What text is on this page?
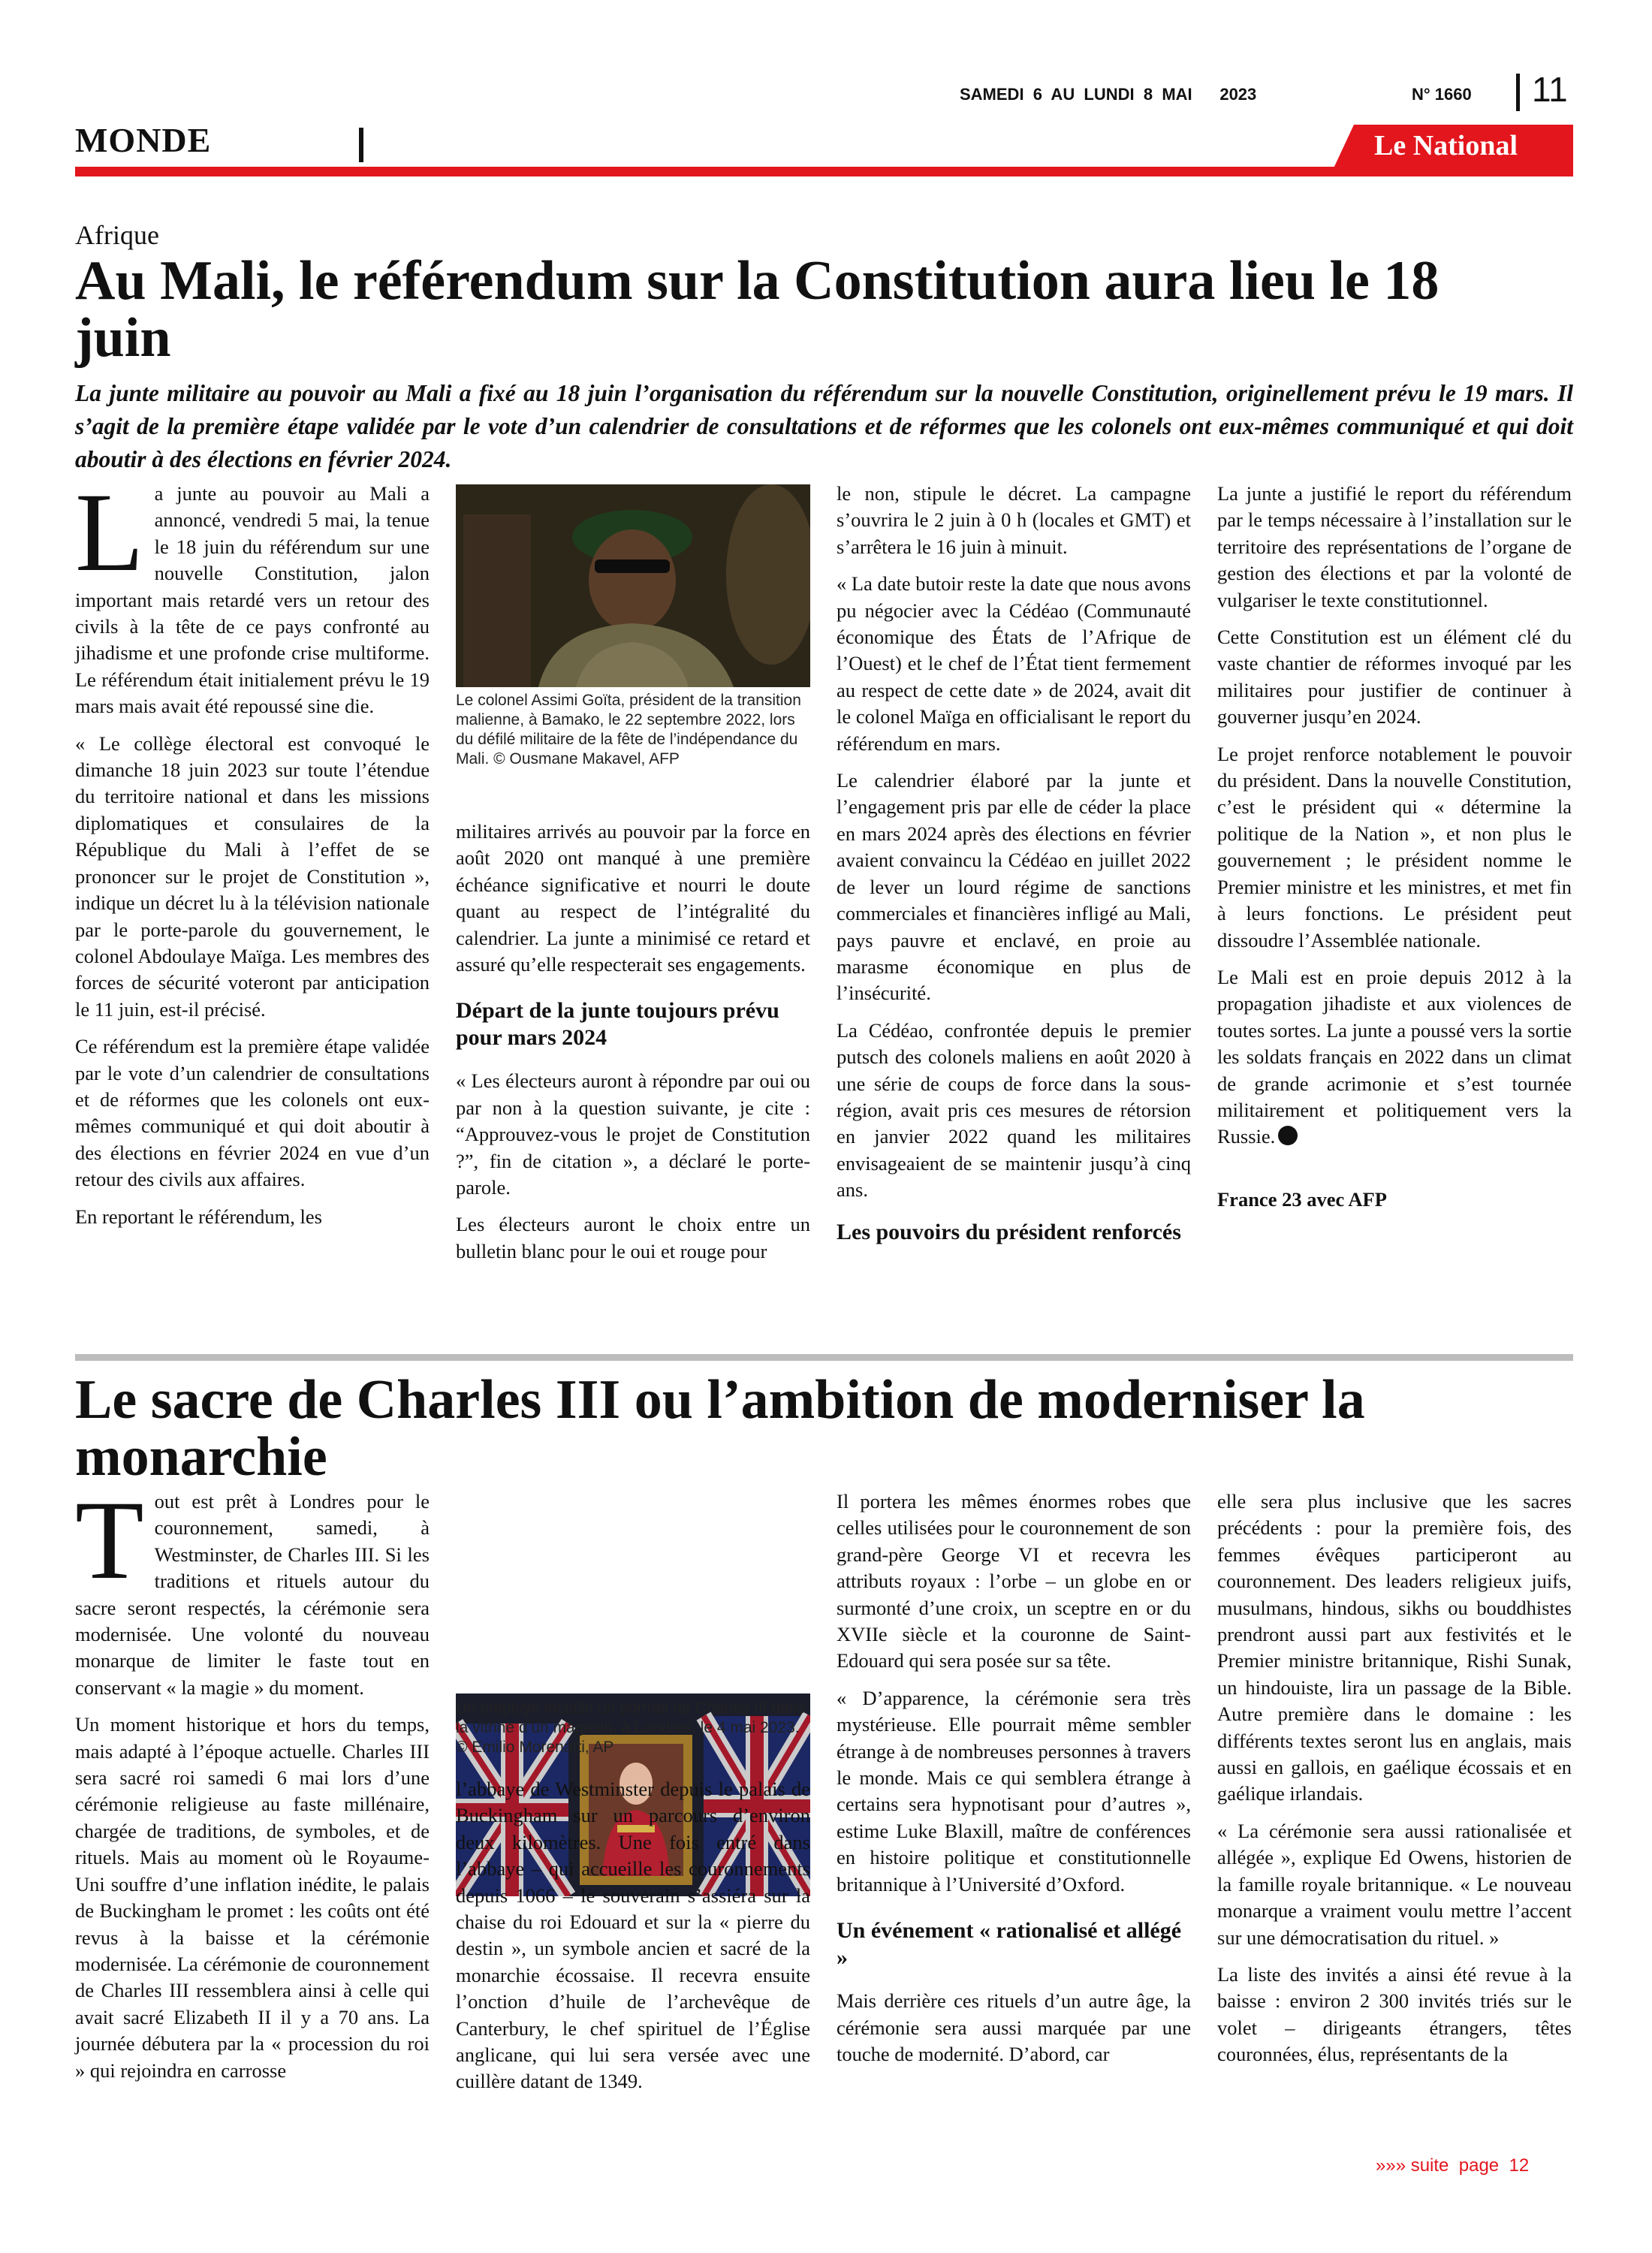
SAMEDI  6  AU  LUNDI  8  MAI      2023	N° 1660 11
MONDE	Le National
Afrique
Au Mali, le référendum sur la Constitution aura lieu le 18 juin
La junte militaire au pouvoir au Mali a fixé au 18 juin l’organisation du référendum sur la nouvelle Constitution, originellement prévu le 19 mars. Il s’agit de la première étape validée par le vote d’un calendrier de consultations et de réformes que les colonels ont eux-mêmes communiqué et qui doit aboutir à des élections en février 2024.

La junte au pouvoir au Mali a annoncé, vendredi 5 mai, la tenue le 18 juin du référendum sur une nouvelle Constitution, jalon important mais retardé vers un retour des civils à la tête de ce pays confronté au jihadisme et une profonde crise multiforme. Le référendum était initialement prévu le 19 mars mais avait été repoussé sine die.

« Le collège électoral est convoqué le dimanche 18 juin 2023 sur toute l’étendue du territoire national et dans les missions diplomatiques et consulaires de la République du Mali à l’effet de se prononcer sur le projet de Constitution », indique un décret lu à la télévision nationale par le porte-parole du gouvernement, le colonel Abdoulaye Maïga. Les membres des forces de sécurité voteront par anticipation le 11 juin, est-il précisé.

Ce référendum est la première étape validée par le vote d’un calendrier de consultations et de réformes que les colonels ont eux-mêmes communiqué et qui doit aboutir à des élections en février 2024 en vue d’un retour des civils aux affaires.

En reportant le référendum, les

Le colonel Assimi Goïta, président de la transition malienne, à Bamako, le 22 septembre 2022, lors du défilé militaire de la fête de l’indépendance du Mali. © Ousmane Makavel, AFP

militaires arrivés au pouvoir par la force en août 2020 ont manqué à une première échéance significative et nourri le doute quant au respect de l’intégralité du calendrier. La junte a minimisé ce retard et assuré qu’elle respecterait ses engagements.

Départ de la junte toujours prévu pour mars 2024

« Les électeurs auront à répondre par oui ou par non à la question suivante, je cite : “Approuvez-vous le projet de Constitution ?”, fin de citation », a déclaré le porte-parole.

Les électeurs auront le choix entre un bulletin blanc pour le oui et rouge pour

le non, stipule le décret. La campagne s’ouvrira le 2 juin à 0 h (locales et GMT) et s’arrêtera le 16 juin à minuit.

« La date butoir reste la date que nous avons pu négocier avec la Cédéao (Communauté économique des États de l’Afrique de l’Ouest) et le chef de l’État tient fermement au respect de cette date » de 2024, avait dit le colonel Maïga en officialisant le report du référendum en mars.

Le calendrier élaboré par la junte et l’engagement pris par elle de céder la place en mars 2024 après des élections en février avaient convaincu la Cédéao en juillet 2022 de lever un lourd régime de sanctions commerciales et financières infligé au Mali, pays pauvre et enclavé, en proie au marasme économique en plus de l’insécurité.

La Cédéao, confrontée depuis le premier putsch des colonels maliens en août 2020 à une série de coups de force dans la sous-région, avait pris ces mesures de rétorsion en janvier 2022 quand les militaires envisageaient de se maintenir jusqu’à cinq ans.

Les pouvoirs du président renforcés

La junte a justifié le report du référendum par le temps nécessaire à l’installation sur le territoire des représentations de l’organe de gestion des élections et par la volonté de vulgariser le texte constitutionnel.

Cette Constitution est un élément clé du vaste chantier de réformes invoqué par les militaires pour justifier de continuer à gouverner jusqu’en 2024.

Le projet renforce notablement le pouvoir du président. Dans la nouvelle Constitution, c’est le président qui « détermine la politique de la Nation », et non plus le gouvernement ; le président nomme le Premier ministre et les ministres, et met fin à leurs fonctions. Le président peut dissoudre l’Assemblée nationale.

Le Mali est en proie depuis 2012 à la propagation jihadiste et aux violences de toutes sortes. La junte a poussé vers la sortie les soldats français en 2022 dans un climat de grande acrimonie et s’est tournée militairement et politiquement vers la Russie.

France 23 avec AFP
Le sacre de Charles III ou l’ambition de moderniser la monarchie

Tout est prêt à Londres pour le couronnement, samedi, à Westminster, de Charles III. Si les traditions et rituels autour du sacre seront respectés, la cérémonie sera modernisée. Une volonté du nouveau monarque de limiter le faste tout en conservant « la magie » du moment.

Un moment historique et hors du temps, mais adapté à l’époque actuelle. Charles III sera sacré roi samedi 6 mai lors d’une cérémonie religieuse au faste millénaire, chargée de traditions, de symboles, et de rituels. Mais au moment où le Royaume-Uni souffre d’une inflation inédite, le palais de Buckingham le promet : les coûts ont été revus à la baisse et la cérémonie modernisée. La cérémonie de couronnement de Charles III ressemblera ainsi à celle qui avait sacré Elizabeth II il y a 70 ans. La journée débutera par la « procession du roi » qui rejoindra en carrosse

Un employé installe un portrait de Charles III dans la vitrine d’un magasin, à Londres, le 4 mai 2023. © Emilio Morenatti, AP

l’abbaye de Westminster depuis le palais de Buckingham sur un parcours d’environ deux kilomètres. Une fois entré dans l’abbaye – qui accueille les couronnements depuis 1066 – le souverain s’assiéra sur la chaise du roi Edouard et sur la « pierre du destin », un symbole ancien et sacré de la monarchie écossaise. Il recevra ensuite l’onction d’huile de l’archevêque de Canterbury, le chef spirituel de l’Église anglicane, qui lui sera versée avec une cuillère datant de 1349.

Il portera les mêmes énormes robes que celles utilisées pour le couronnement de son grand-père George VI et recevra les attributs royaux : l’orbe – un globe en or surmonté d’une croix, un sceptre en or du XVIIe siècle et la couronne de Saint-Edouard qui sera posée sur sa tête.

« D’apparence, la cérémonie sera très mystérieuse. Elle pourrait même sembler étrange à de nombreuses personnes à travers le monde. Mais ce qui semblera étrange à certains sera hypnotisant pour d’autres », estime Luke Blaxill, maître de conférences en histoire politique et constitutionnelle britannique à l’Université d’Oxford.

Un événement « rationalisé et allégé »

Mais derrière ces rituels d’un autre âge, la cérémonie sera aussi marquée par une touche de modernité. D’abord, car

elle sera plus inclusive que les sacres précédents : pour la première fois, des femmes évêques participeront au couronnement. Des leaders religieux juifs, musulmans, hindous, sikhs ou bouddhistes prendront aussi part aux festivités et le Premier ministre britannique, Rishi Sunak, un hindouiste, lira un passage de la Bible. Autre première dans le domaine : les différents textes seront lus en anglais, mais aussi en gallois, en gaélique écossais et en gaélique irlandais.

« La cérémonie sera aussi rationalisée et allégée », explique Ed Owens, historien de la famille royale britannique. « Le nouveau monarque a vraiment voulu mettre l’accent sur une démocratisation du rituel. »

La liste des invités a ainsi été revue à la baisse : environ 2 300 invités triés sur le volet – dirigeants étrangers, têtes couronnées, élus, représentants de la

»»» suite  page  12
